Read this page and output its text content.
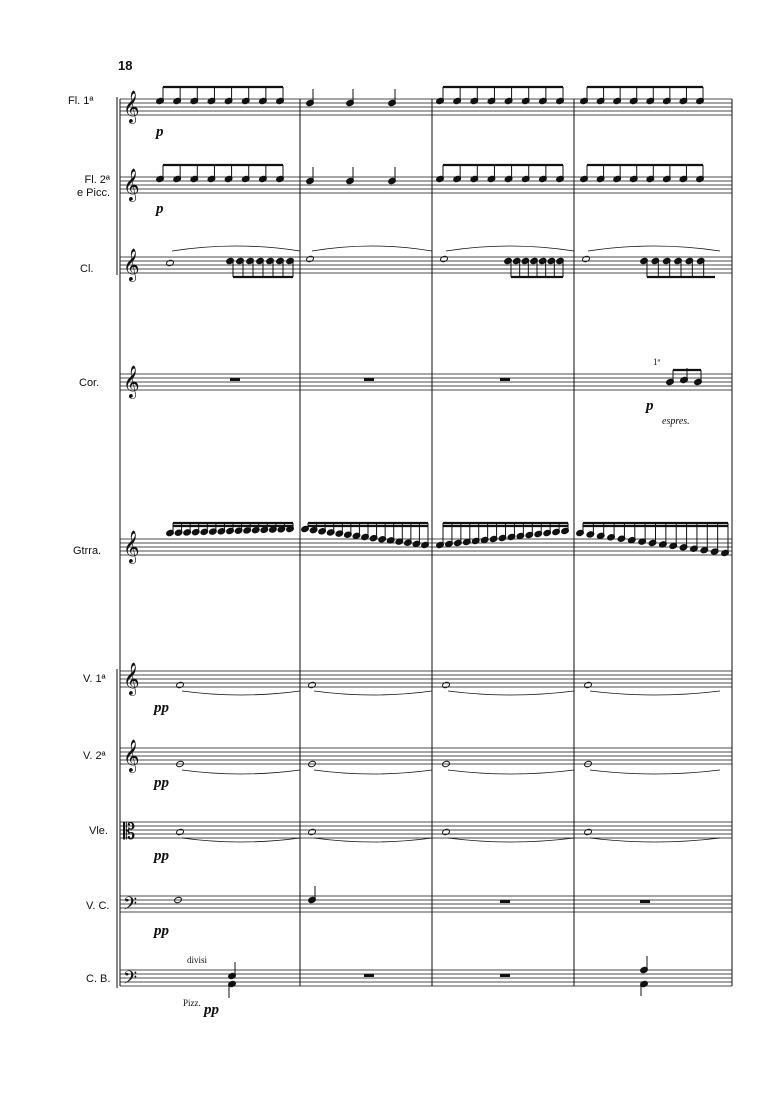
𝄞
𝄞
𝄞
𝄞
𝄞
𝄞
𝄞
𝄡
𝄢
𝄢
18
Fl. 1ª
Fl. 2ª
e Picc.
Cl.
Cor.
Gtrra.
V. 1ª
V. 2ª
Vle.
V. C.
C. B.
p
p
pp
pp
pp
pp
pp
1ª
p
espres.
divisi
Pizz.
